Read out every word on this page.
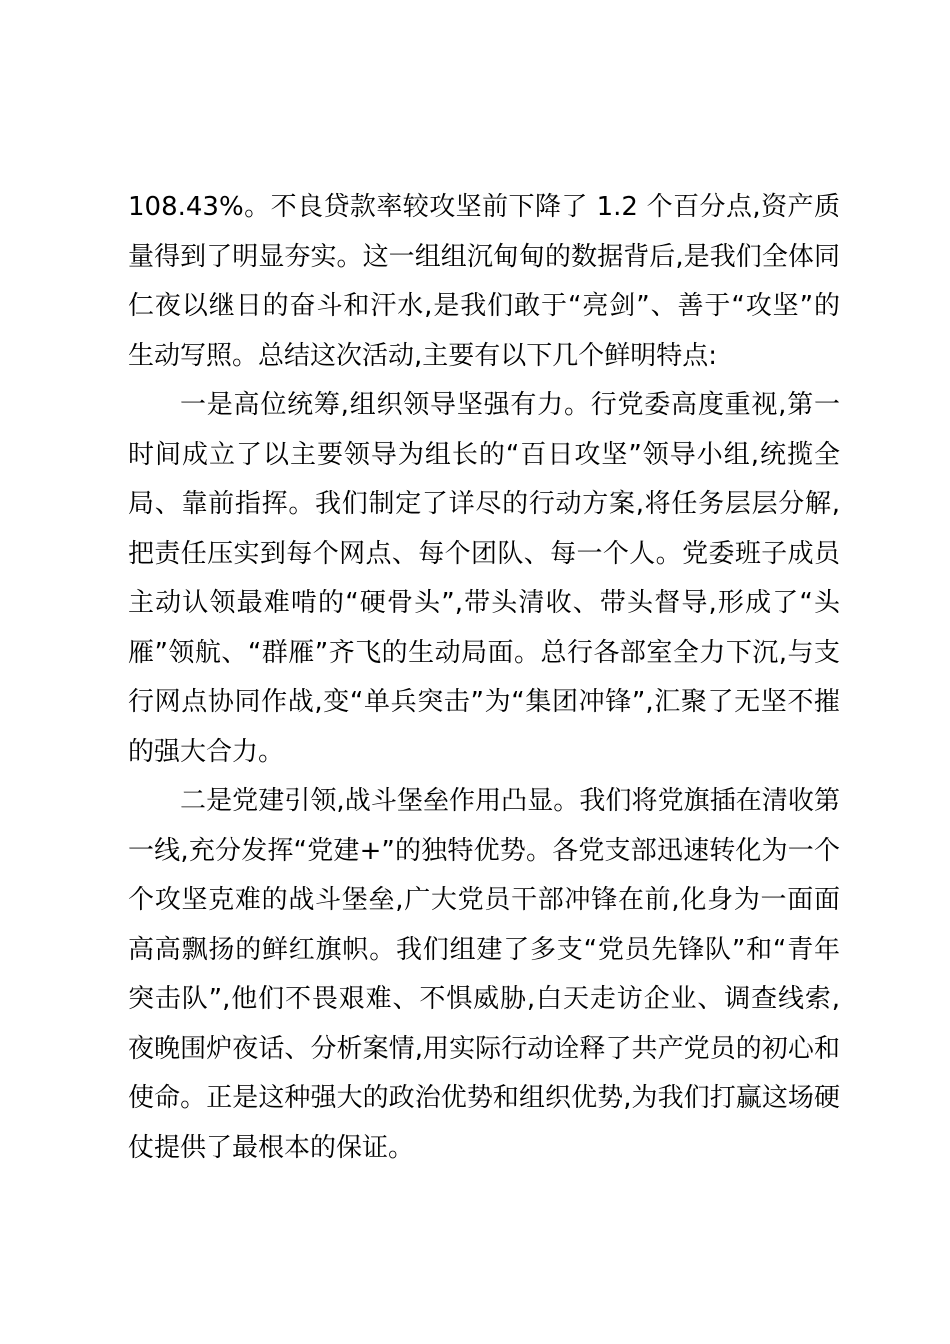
108.43%。不良贷款率较攻坚前下降了 1.2 个百分点,资产质量得到了明显夯实。这一组组沉甸甸的数据背后,是我们全体同仁夜以继日的奋斗和汗水,是我们敢于“亮剑”、善于“攻坚”的生动写照。总结这次活动,主要有以下几个鲜明特点:

一是高位统筹,组织领导坚强有力。行党委高度重视,第一时间成立了以主要领导为组长的“百日攻坚”领导小组,统揽全局、靠前指挥。我们制定了详尽的行动方案,将任务层层分解,把责任压实到每个网点、每个团队、每一个人。党委班子成员主动认领最难啃的“硬骨头”,带头清收、带头督导,形成了“头雁”领航、“群雁”齐飞的生动局面。总行各部室全力下沉,与支行网点协同作战,变“单兵突击”为“集团冲锋”,汇聚了无坚不摧的强大合力。

二是党建引领,战斗堡垒作用凸显。我们将党旗插在清收第一线,充分发挥“党建+”的独特优势。各党支部迅速转化为一个个攻坚克难的战斗堡垒,广大党员干部冲锋在前,化身为一面面高高飘扬的鲜红旗帜。我们组建了多支“党员先锋队”和“青年突击队”,他们不畏艰难、不惧威胁,白天走访企业、调查线索,夜晚围炉夜话、分析案情,用实际行动诠释了共产党员的初心和使命。正是这种强大的政治优势和组织优势,为我们打赢这场硬仗提供了最根本的保证。
